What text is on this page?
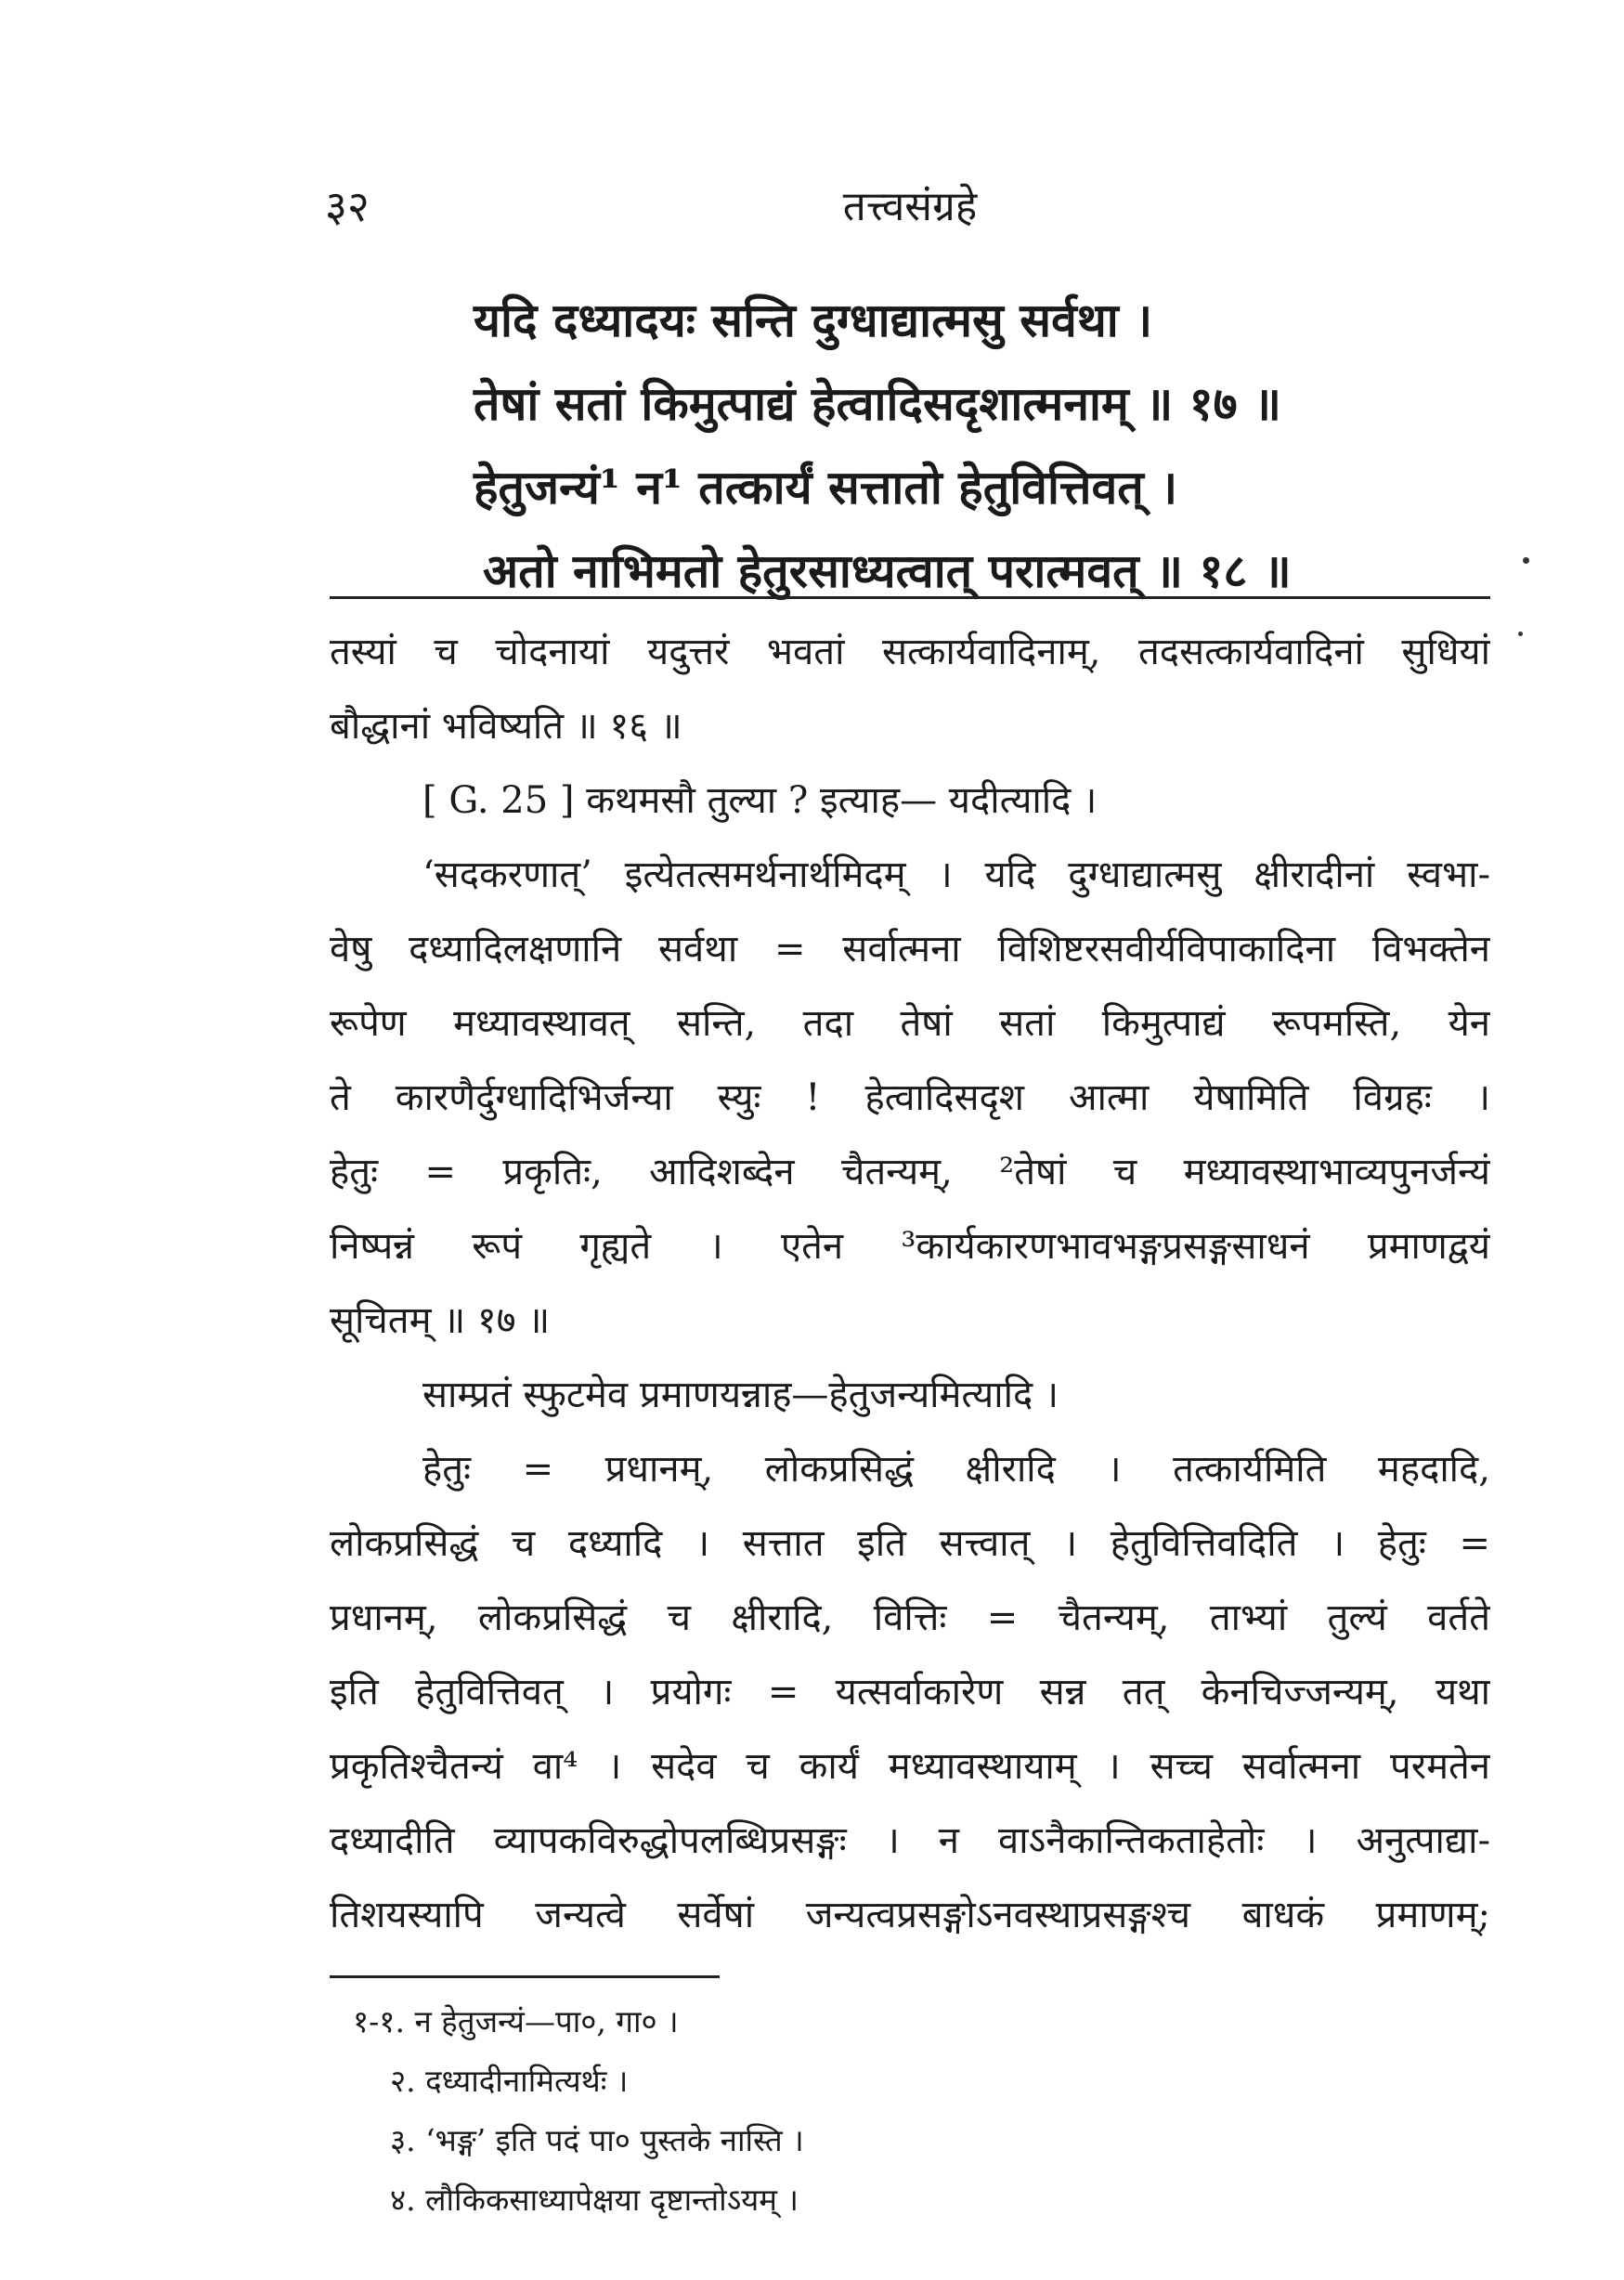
३२	तत्त्वसंग्रहे
यदि दध्यादयः सन्ति दुग्धाद्यात्मसु सर्वथा ।
तेषां सतां किमुत्पाद्यं हेत्वादिसदृशात्मनाम् ॥ १७ ॥
हेतुजन्यं¹ न¹ तत्कार्यं सत्तातो हेतुवित्तिवत् ।
अतो नाभिमतो हेतुरसाध्यत्वात् परात्मवत् ॥ १८ ॥
तस्यां च चोदनायां यदुत्तरं भवतां सत्कार्यवादिनाम्, तदसत्कार्यवादिनां सुधियां
बौद्धानां भविष्यति ॥ १६ ॥
[ G. 25 ] कथमसौ तुल्या ? इत्याह— यदीत्यादि ।
‘सदकरणात्’ इत्येतत्समर्थनार्थमिदम् । यदि दुग्धाद्यात्मसु क्षीरादीनां स्वभा-
वेषु दध्यादिलक्षणानि सर्वथा = सर्वात्मना विशिष्टरसवीर्यविपाकादिना विभक्तेन
रूपेण मध्यावस्थावत् सन्ति, तदा तेषां सतां किमुत्पाद्यं रूपमस्ति, येन
ते कारणैर्दुग्धादिभिर्जन्या स्युः ! हेत्वादिसदृश आत्मा येषामिति विग्रहः ।
हेतुः = प्रकृतिः, आदिशब्देन चैतन्यम्, ²तेषां च मध्यावस्थाभाव्यपुनर्जन्यं
निष्पन्नं रूपं गृह्यते । एतेन ³कार्यकारणभावभङ्गप्रसङ्गसाधनं प्रमाणद्वयं
सूचितम् ॥ १७ ॥
साम्प्रतं स्फुटमेव प्रमाणयन्नाह—हेतुजन्यमित्यादि ।
हेतुः = प्रधानम्, लोकप्रसिद्धं क्षीरादि । तत्कार्यमिति महदादि,
लोकप्रसिद्धं च दध्यादि । सत्तात इति सत्त्वात् । हेतुवित्तिवदिति । हेतुः =
प्रधानम्, लोकप्रसिद्धं च क्षीरादि, वित्तिः = चैतन्यम्, ताभ्यां तुल्यं वर्तते
इति हेतुवित्तिवत् । प्रयोगः = यत्सर्वाकारेण सन्न तत् केनचिज्जन्यम्, यथा
प्रकृतिश्चैतन्यं वा⁴ । सदेव च कार्यं मध्यावस्थायाम् । सच्च सर्वात्मना परमतेन
दध्यादीति व्यापकविरुद्धोपलब्धिप्रसङ्गः । न वाऽनैकान्तिकताहेतोः । अनुत्पाद्या-
तिशयस्यापि जन्यत्वे सर्वेषां जन्यत्वप्रसङ्गोऽनवस्थाप्रसङ्गश्च बाधकं प्रमाणम्;
१-१. न हेतुजन्यं—पा०, गा० ।
२. दध्यादीनामित्यर्थः ।
३. ‘भङ्ग’ इति पदं पा० पुस्तके नास्ति ।
४. लौकिकसाध्यापेक्षया दृष्टान्तोऽयम् ।
